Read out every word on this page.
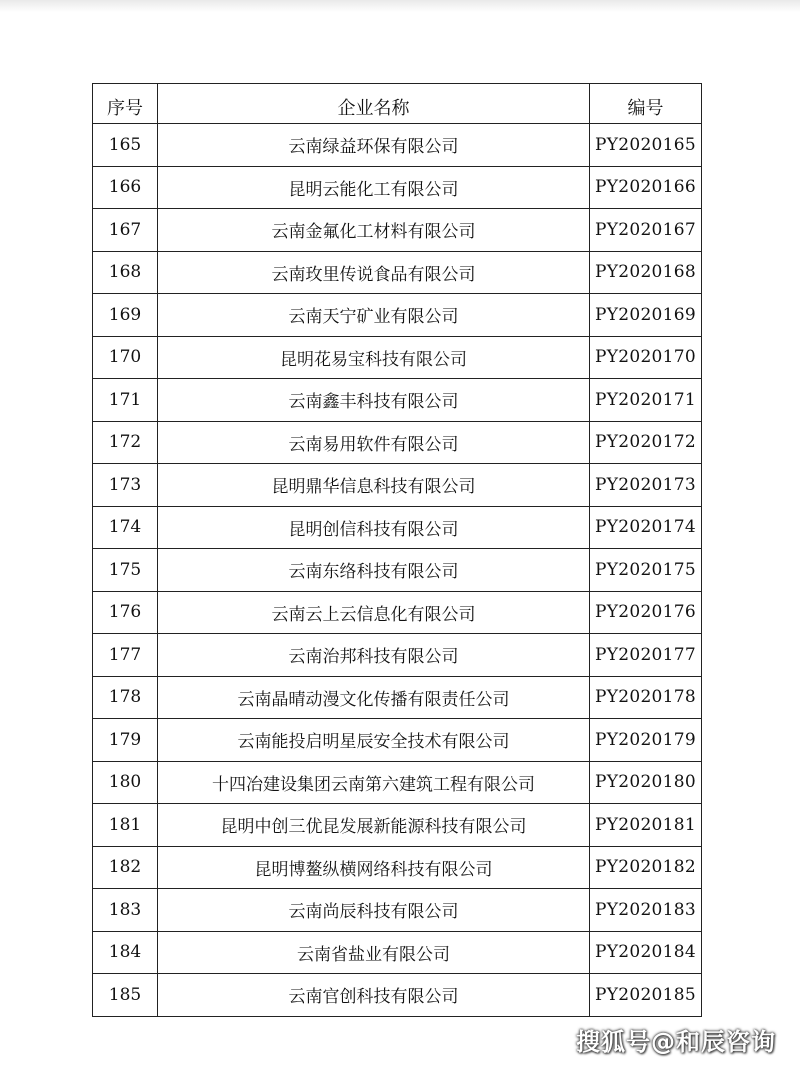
序号	企业名称	编号
165	云南绿益环保有限公司	PY2020165
166	昆明云能化工有限公司	PY2020166
167	云南金氟化工材料有限公司	PY2020167
168	云南玫里传说食品有限公司	PY2020168
169	云南天宁矿业有限公司	PY2020169
170	昆明花易宝科技有限公司	PY2020170
171	云南鑫丰科技有限公司	PY2020171
172	云南易用软件有限公司	PY2020172
173	昆明鼎华信息科技有限公司	PY2020173
174	昆明创信科技有限公司	PY2020174
175	云南东络科技有限公司	PY2020175
176	云南云上云信息化有限公司	PY2020176
177	云南治邦科技有限公司	PY2020177
178	云南晶晴动漫文化传播有限责任公司	PY2020178
179	云南能投启明星辰安全技术有限公司	PY2020179
180	十四冶建设集团云南第六建筑工程有限公司	PY2020180
181	昆明中创三优昆发展新能源科技有限公司	PY2020181
182	昆明博鳌纵横网络科技有限公司	PY2020182
183	云南尚辰科技有限公司	PY2020183
184	云南省盐业有限公司	PY2020184
185	云南官创科技有限公司	PY2020185
搜狐号@和辰咨询
